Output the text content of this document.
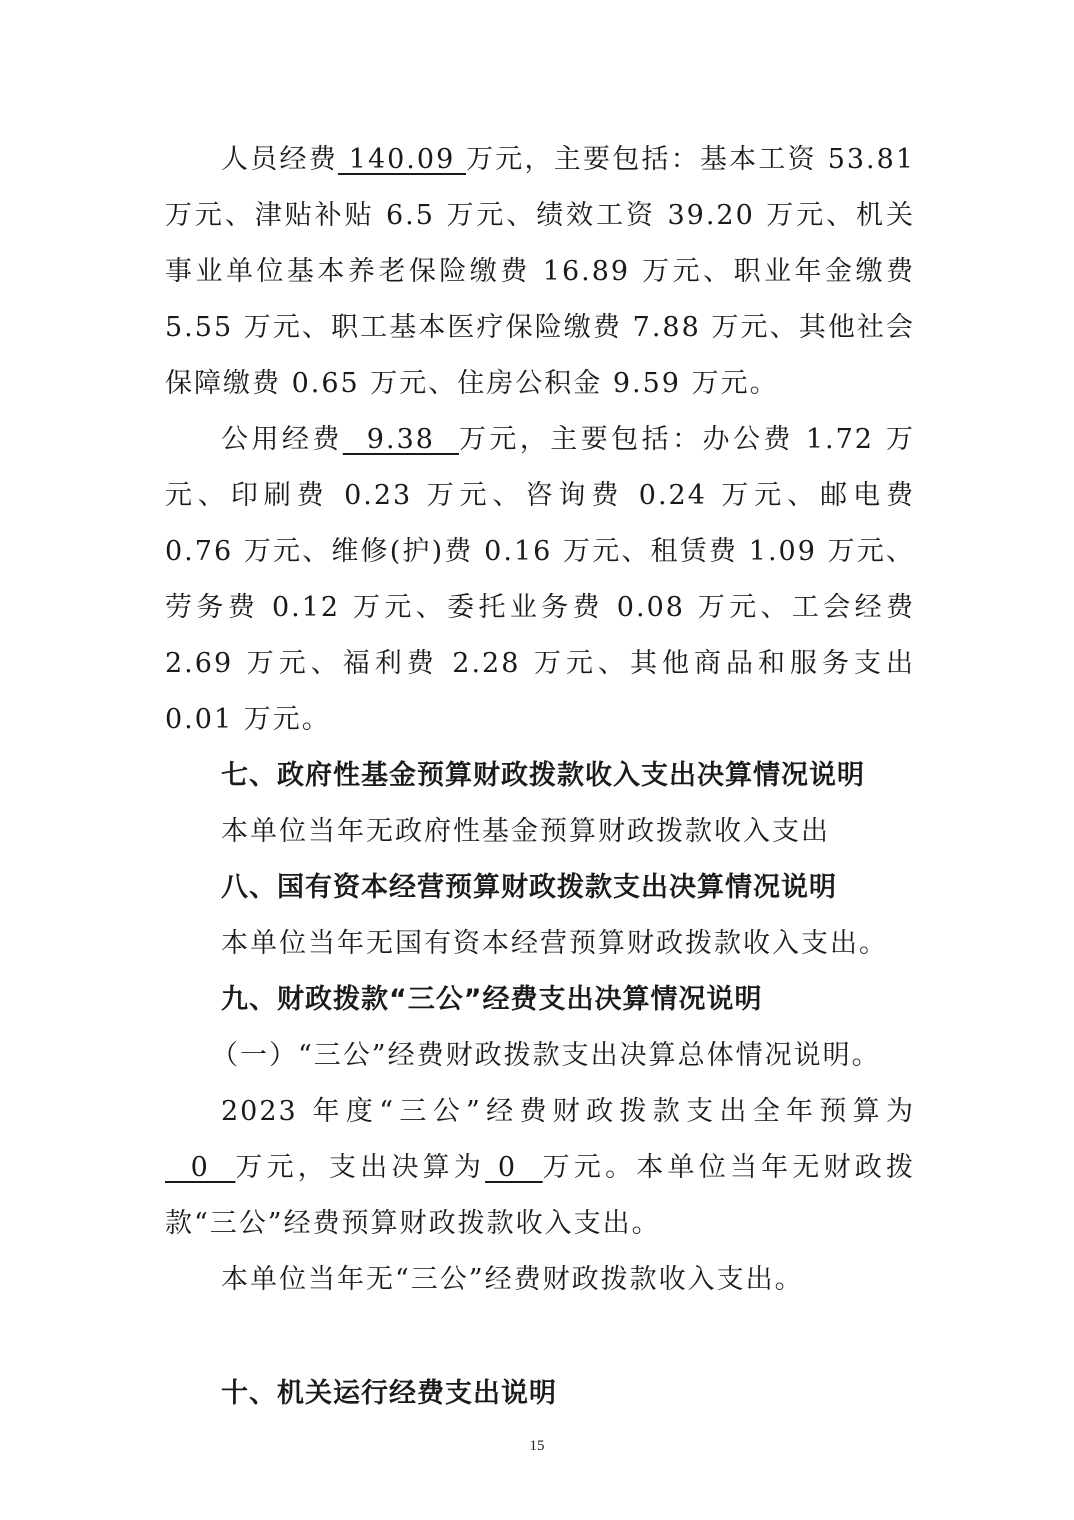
人员经费 140.09 万元，主要包括：基本工资 53.81 万元、津贴补贴 6.5 万元、绩效工资 39.20 万元、机关事业单位基本养老保险缴费 16.89 万元、职业年金缴费 5.55 万元、职工基本医疗保险缴费 7.88 万元、其他社会保障缴费 0.65 万元、住房公积金 9.59 万元。

公用经费  9.38  万元，主要包括：办公费 1.72 万元、印刷费 0.23 万元、咨询费 0.24 万元、邮电费 0.76 万元、维修(护)费 0.16 万元、租赁费 1.09 万元、劳务费 0.12 万元、委托业务费 0.08 万元、工会经费 2.69 万元、福利费 2.28 万元、其他商品和服务支出 0.01 万元。

七、政府性基金预算财政拨款收入支出决算情况说明

本单位当年无政府性基金预算财政拨款收入支出

八、国有资本经营预算财政拨款支出决算情况说明

本单位当年无国有资本经营预算财政拨款收入支出。

九、财政拨款“三公”经费支出决算情况说明

（一）“三公”经费财政拨款支出决算总体情况说明。

2023 年度“三公”经费财政拨款支出全年预算为  0  万元，支出决算为 0  万元。本单位当年无财政拨款“三公”经费预算财政拨款收入支出。

本单位当年无“三公”经费财政拨款收入支出。

十、机关运行经费支出说明

15
